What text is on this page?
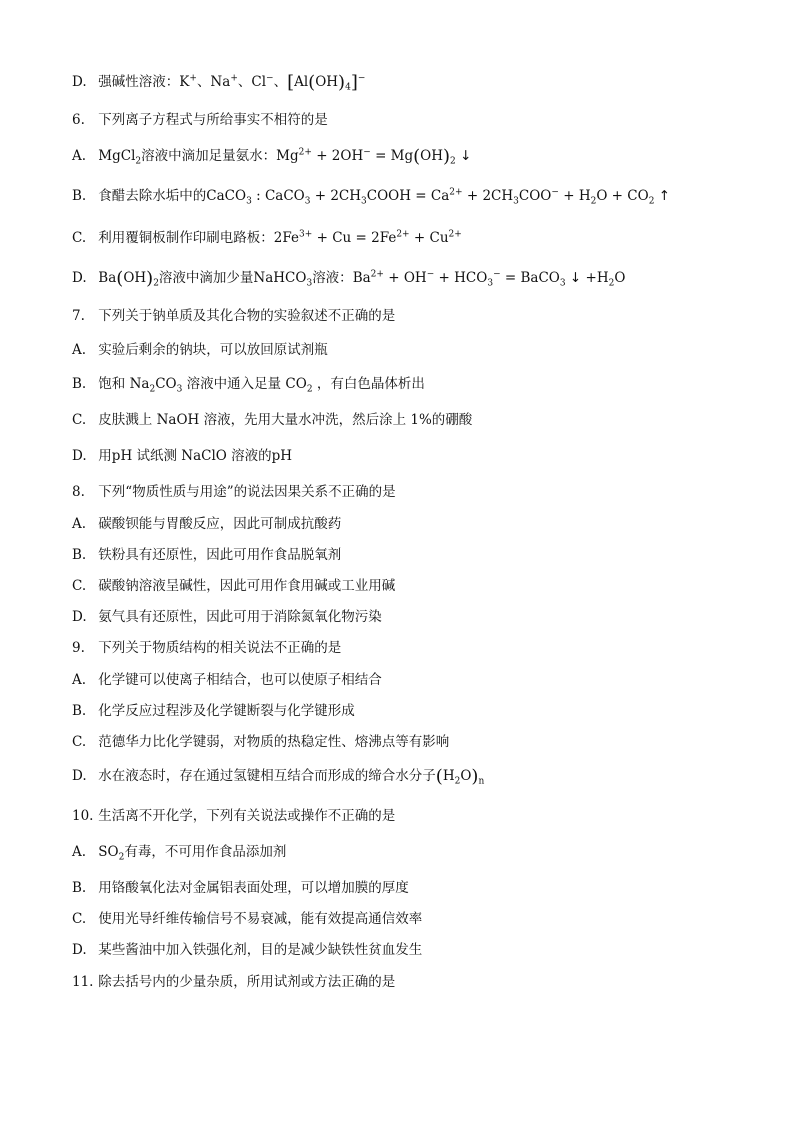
D. 强碱性溶液：K+、Na+、Cl−、$[Al(OH)_4]^-$
6. 下列离子方程式与所给事实不相符的是
A. MgCl$_2$溶液中滴加足量氨水：$Mg^{2+} + 2OH^- = Mg(OH)_2$ ↓
B. 食醋去除水垢中的CaCO$_3$ : CaCO$_3$ + $2CH_3COOH = Ca^{2+} + 2CH_3COO^- + H_2O + CO_2$ ↑
C. 利用覆铜板制作印刷电路板：$2Fe^{3+} + Cu = 2Fe^{2+} + Cu^{2+}$
D. $Ba(OH)_2$溶液中滴加少量NaHCO$_3$溶液：$Ba^{2+} + OH^- + HCO_3^-$ = BaCO$_3$ ↓ $+H_2O$
7. 下列关于钠单质及其化合物的实验叙述不正确的是
A. 实验后剩余的钠块，可以放回原试剂瓶
B. 饱和 $Na_2CO_3$ 溶液中通入足量 $CO_2$ ，有白色晶体析出
C. 皮肤溅上 NaOH 溶液，先用大量水冲洗，然后涂上 1%的硼酸
D. 用pH 试纸测 NaClO 溶液的pH
8. 下列“物质性质与用途”的说法因果关系不正确的是
A. 碳酸钡能与胃酸反应，因此可制成抗酸药
B. 铁粉具有还原性，因此可用作食品脱氧剂
C. 碳酸钠溶液呈碱性，因此可用作食用碱或工业用碱
D. 氨气具有还原性，因此可用于消除氮氧化物污染
9. 下列关于物质结构的相关说法不正确的是
A. 化学键可以使离子相结合，也可以使原子相结合
B. 化学反应过程涉及化学键断裂与化学键形成
C. 范德华力比化学键弱，对物质的热稳定性、熔沸点等有影响
D. 水在液态时，存在通过氢键相互结合而形成的缔合水分子$(H_2O)_n$
10. 生活离不开化学，下列有关说法或操作不正确的是
A. $SO_2$有毒，不可用作食品添加剂
B. 用铬酸氧化法对金属铝表面处理，可以增加膜的厚度
C. 使用光导纤维传输信号不易衰减，能有效提高通信效率
D. 某些酱油中加入铁强化剂，目的是减少缺铁性贫血发生
11. 除去括号内的少量杂质，所用试剂或方法正确的是
